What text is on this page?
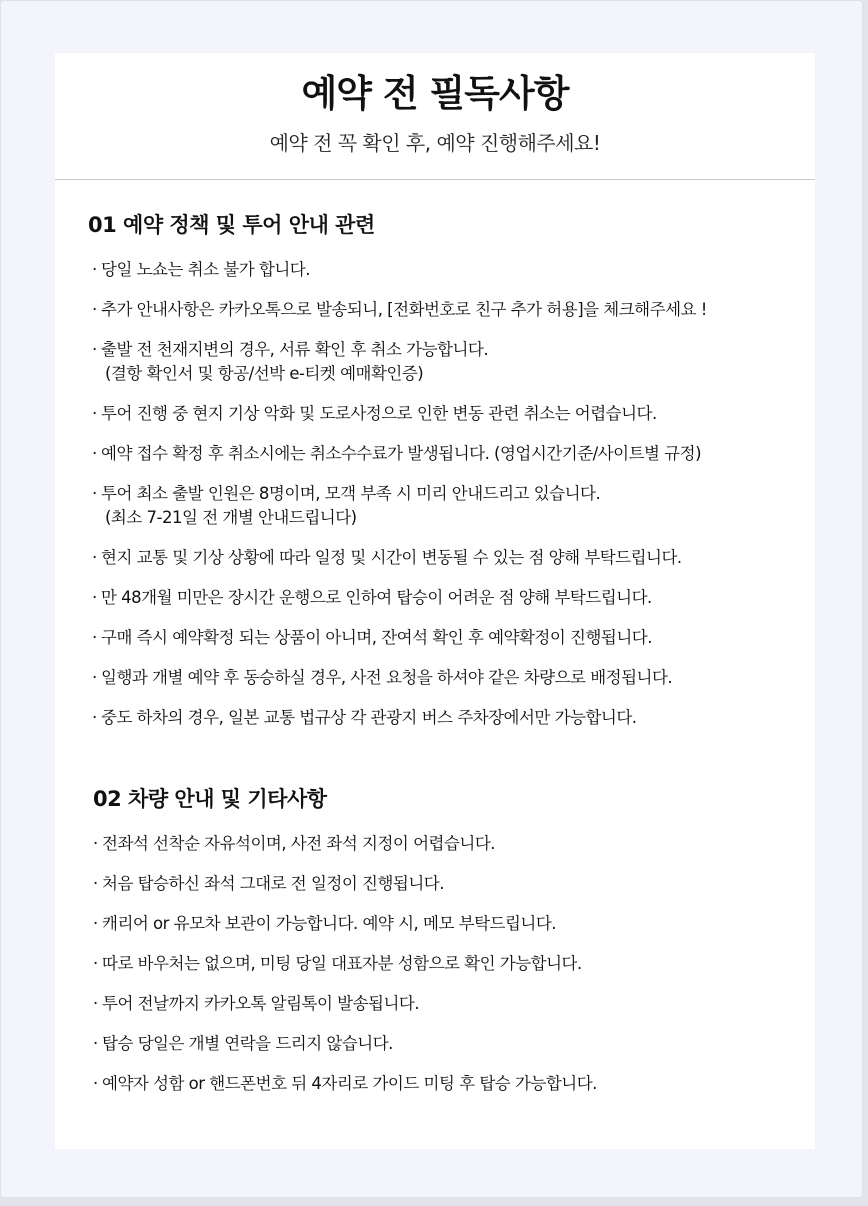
예약 전 필독사항

예약 전 꼭 확인 후, 예약 진행해주세요!

01 예약 정책 및 투어 안내 관련
· 당일 노쇼는 취소 불가 합니다.
· 추가 안내사항은 카카오톡으로 발송되니, [전화번호로 친구 추가 허용]을 체크해주세요 !
· 출발 전 천재지변의 경우, 서류 확인 후 취소 가능합니다.
(결항 확인서 및 항공/선박 e-티켓 예매확인증)
· 투어 진행 중 현지 기상 악화 및 도로사정으로 인한 변동 관련 취소는 어렵습니다.
· 예약 접수 확정 후 취소시에는 취소수수료가 발생됩니다. (영업시간기준/사이트별 규정)
· 투어 최소 출발 인원은 8명이며, 모객 부족 시 미리 안내드리고 있습니다.
(최소 7-21일 전 개별 안내드립니다)
· 현지 교통 및 기상 상황에 따라 일정 및 시간이 변동될 수 있는 점 양해 부탁드립니다.
· 만 48개월 미만은 장시간 운행으로 인하여 탑승이 어려운 점 양해 부탁드립니다.
· 구매 즉시 예약확정 되는 상품이 아니며, 잔여석 확인 후 예약확정이 진행됩니다.
· 일행과 개별 예약 후 동승하실 경우, 사전 요청을 하셔야 같은 차량으로 배정됩니다.
· 중도 하차의 경우, 일본 교통 법규상 각 관광지 버스 주차장에서만 가능합니다.
02 차량 안내 및 기타사항
· 전좌석 선착순 자유석이며, 사전 좌석 지정이 어렵습니다.
· 처음 탑승하신 좌석 그대로 전 일정이 진행됩니다.
· 캐리어 or 유모차 보관이 가능합니다. 예약 시, 메모 부탁드립니다.
· 따로 바우처는 없으며, 미팅 당일 대표자분 성함으로 확인 가능합니다.
· 투어 전날까지 카카오톡 알림톡이 발송됩니다.
· 탑승 당일은 개별 연락을 드리지 않습니다.
· 예약자 성함 or 핸드폰번호 뒤 4자리로 가이드 미팅 후 탑승 가능합니다.
